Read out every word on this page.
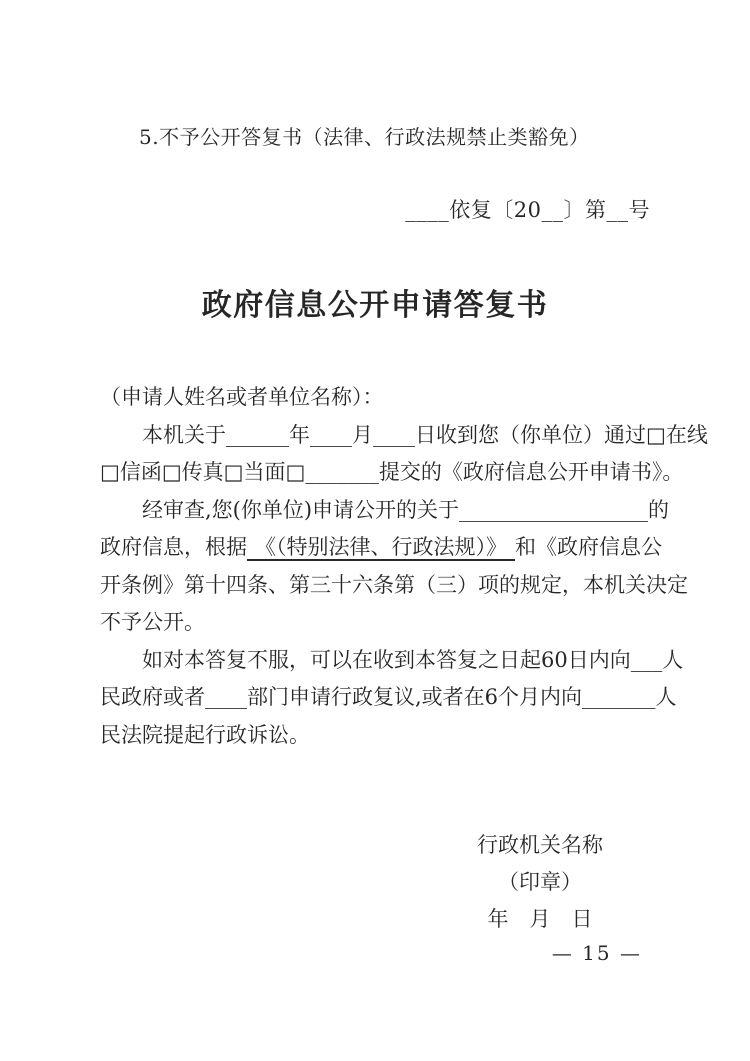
5.不予公开答复书（法律、行政法规禁止类豁免）
____依复〔20__〕第__号
政府信息公开申请答复书
（申请人姓名或者单位名称）：
本机关于______年____月____日收到您（你单位）通过□在线
□信函□传真□当面□_______提交的《政府信息公开申请书》。
经审查,您(你单位)申请公开的关于__________________的
政府信息，根据 《（特别法律、行政法规）》 和《政府信息公
开条例》第十四条、第三十六条第（三）项的规定，本机关决定
不予公开。
如对本答复不服，可以在收到本答复之日起60日内向___人
民政府或者____部门申请行政复议,或者在6个月内向_______人
民法院提起行政诉讼。
行政机关名称
（印章）
年　月　日
— 15 —
